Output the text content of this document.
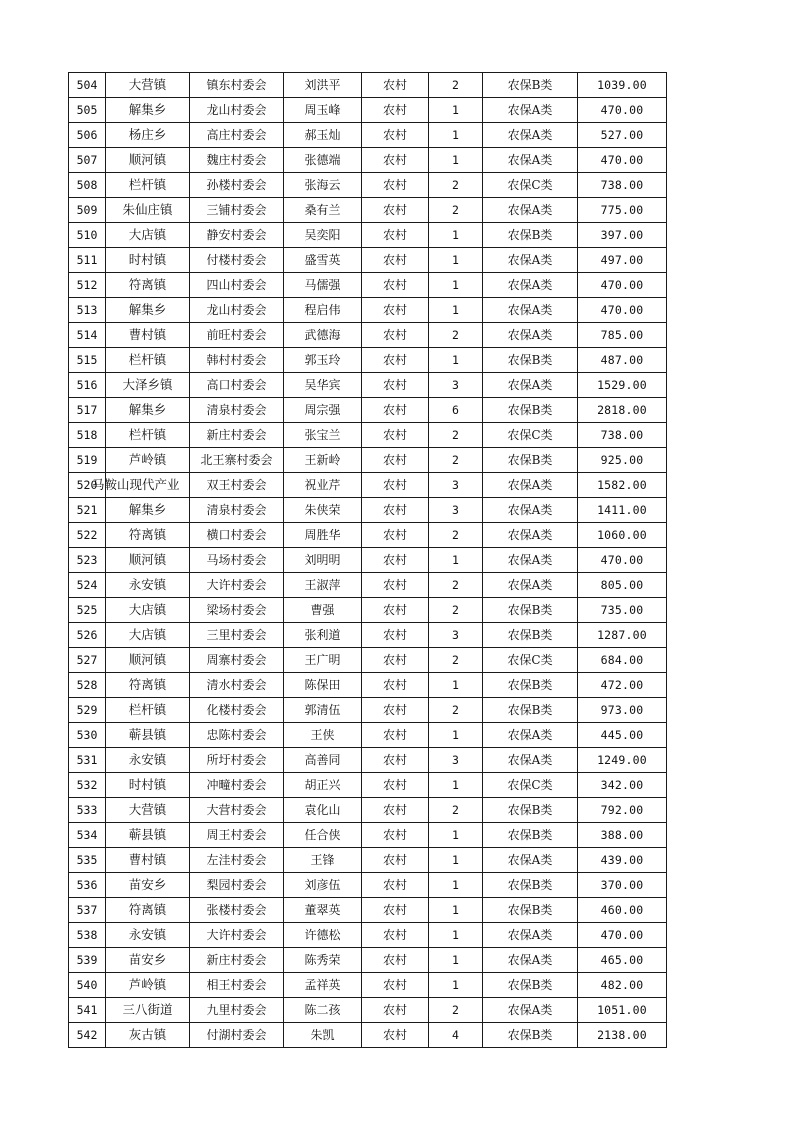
504	大营镇	镇东村委会	刘洪平	农村	2	农保B类	1039.00
505	解集乡	龙山村委会	周玉峰	农村	1	农保A类	470.00
506	杨庄乡	高庄村委会	郝玉灿	农村	1	农保A类	527.00
507	顺河镇	魏庄村委会	张德端	农村	1	农保A类	470.00
508	栏杆镇	孙楼村委会	张海云	农村	2	农保C类	738.00
509	朱仙庄镇	三铺村委会	桑有兰	农村	2	农保A类	775.00
510	大店镇	静安村委会	吴奕阳	农村	1	农保B类	397.00
511	时村镇	付楼村委会	盛雪英	农村	1	农保A类	497.00
512	符离镇	四山村委会	马儒强	农村	1	农保A类	470.00
513	解集乡	龙山村委会	程启伟	农村	1	农保A类	470.00
514	曹村镇	前旺村委会	武德海	农村	2	农保A类	785.00
515	栏杆镇	韩村村委会	郭玉玲	农村	1	农保B类	487.00
516	大泽乡镇	高口村委会	吴华宾	农村	3	农保A类	1529.00
517	解集乡	清泉村委会	周宗强	农村	6	农保B类	2818.00
518	栏杆镇	新庄村委会	张宝兰	农村	2	农保C类	738.00
519	芦岭镇	北王寨村委会	王新岭	农村	2	农保B类	925.00
520	马鞍山现代产业	双王村委会	祝业芹	农村	3	农保A类	1582.00
521	解集乡	清泉村委会	朱侠荣	农村	3	农保A类	1411.00
522	符离镇	横口村委会	周胜华	农村	2	农保A类	1060.00
523	顺河镇	马场村委会	刘明明	农村	1	农保A类	470.00
524	永安镇	大许村委会	王淑萍	农村	2	农保A类	805.00
525	大店镇	梁场村委会	曹强	农村	2	农保B类	735.00
526	大店镇	三里村委会	张利道	农村	3	农保B类	1287.00
527	顺河镇	周寨村委会	王广明	农村	2	农保C类	684.00
528	符离镇	清水村委会	陈保田	农村	1	农保B类	472.00
529	栏杆镇	化楼村委会	郭清伍	农村	2	农保B类	973.00
530	蕲县镇	忠陈村委会	王侠	农村	1	农保A类	445.00
531	永安镇	所圩村委会	高善同	农村	3	农保A类	1249.00
532	时村镇	冲疃村委会	胡正兴	农村	1	农保C类	342.00
533	大营镇	大营村委会	袁化山	农村	2	农保B类	792.00
534	蕲县镇	周王村委会	任合侠	农村	1	农保B类	388.00
535	曹村镇	左洼村委会	王锋	农村	1	农保A类	439.00
536	苗安乡	梨园村委会	刘彦伍	农村	1	农保B类	370.00
537	符离镇	张楼村委会	董翠英	农村	1	农保B类	460.00
538	永安镇	大许村委会	许德松	农村	1	农保A类	470.00
539	苗安乡	新庄村委会	陈秀荣	农村	1	农保A类	465.00
540	芦岭镇	相王村委会	孟祥英	农村	1	农保B类	482.00
541	三八街道	九里村委会	陈二孩	农村	2	农保A类	1051.00
542	灰古镇	付湖村委会	朱凯	农村	4	农保B类	2138.00
